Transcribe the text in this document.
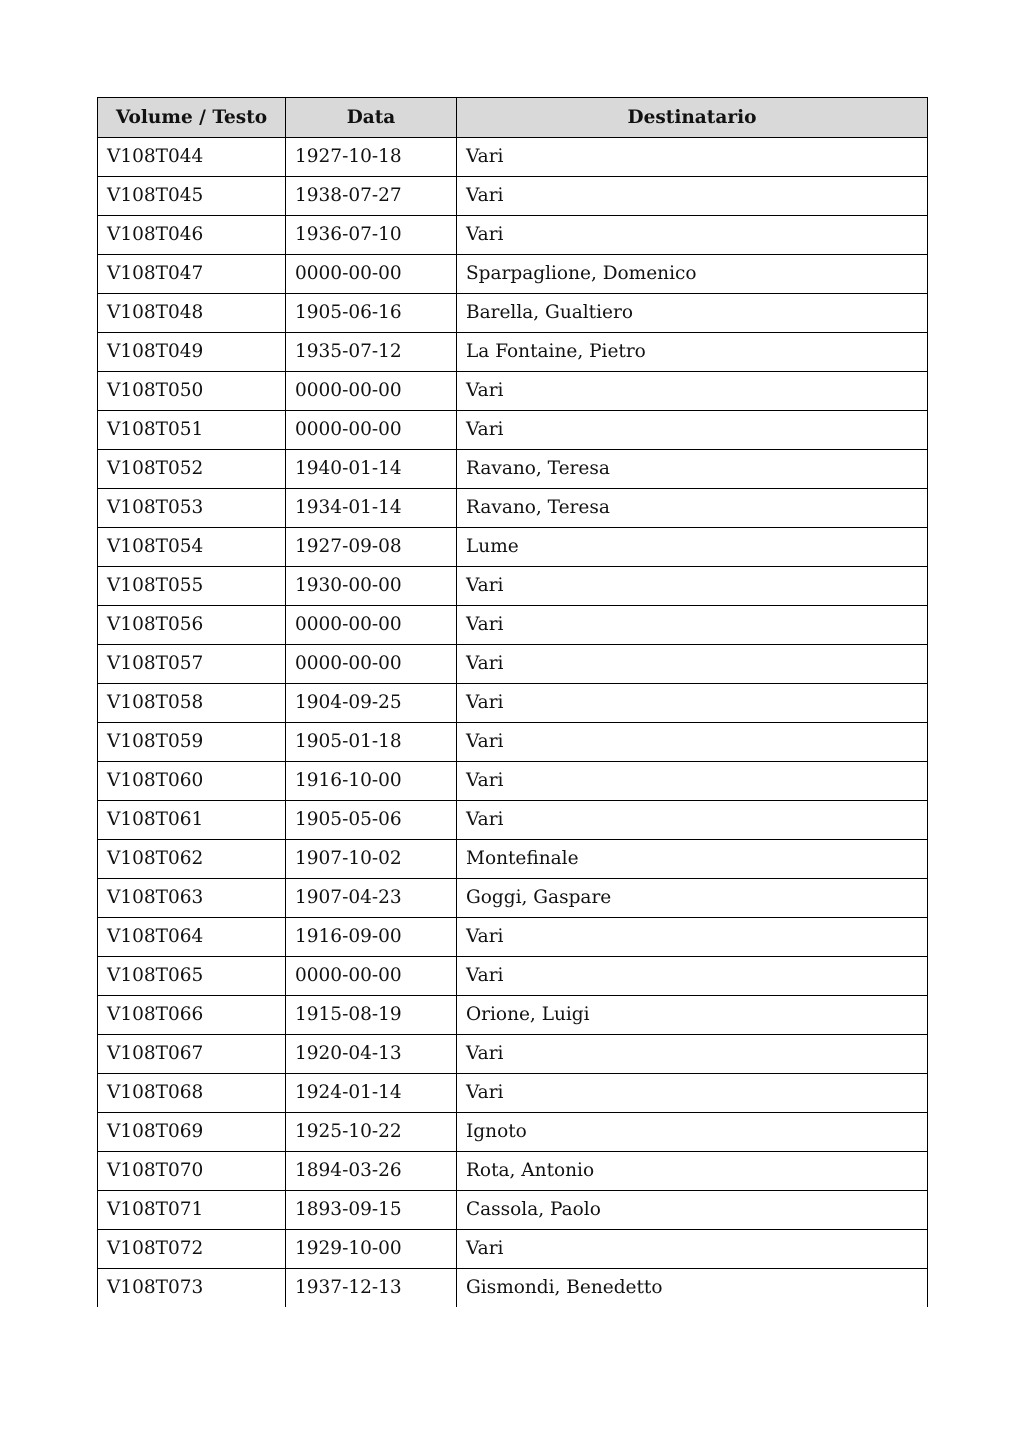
Volume / Testo	Data	Destinatario
V108T044	1927-10-18	Vari
V108T045	1938-07-27	Vari
V108T046	1936-07-10	Vari
V108T047	0000-00-00	Sparpaglione, Domenico
V108T048	1905-06-16	Barella, Gualtiero
V108T049	1935-07-12	La Fontaine, Pietro
V108T050	0000-00-00	Vari
V108T051	0000-00-00	Vari
V108T052	1940-01-14	Ravano, Teresa
V108T053	1934-01-14	Ravano, Teresa
V108T054	1927-09-08	Lume
V108T055	1930-00-00	Vari
V108T056	0000-00-00	Vari
V108T057	0000-00-00	Vari
V108T058	1904-09-25	Vari
V108T059	1905-01-18	Vari
V108T060	1916-10-00	Vari
V108T061	1905-05-06	Vari
V108T062	1907-10-02	Montefinale
V108T063	1907-04-23	Goggi, Gaspare
V108T064	1916-09-00	Vari
V108T065	0000-00-00	Vari
V108T066	1915-08-19	Orione, Luigi
V108T067	1920-04-13	Vari
V108T068	1924-01-14	Vari
V108T069	1925-10-22	Ignoto
V108T070	1894-03-26	Rota, Antonio
V108T071	1893-09-15	Cassola, Paolo
V108T072	1929-10-00	Vari
V108T073	1937-12-13	Gismondi, Benedetto
